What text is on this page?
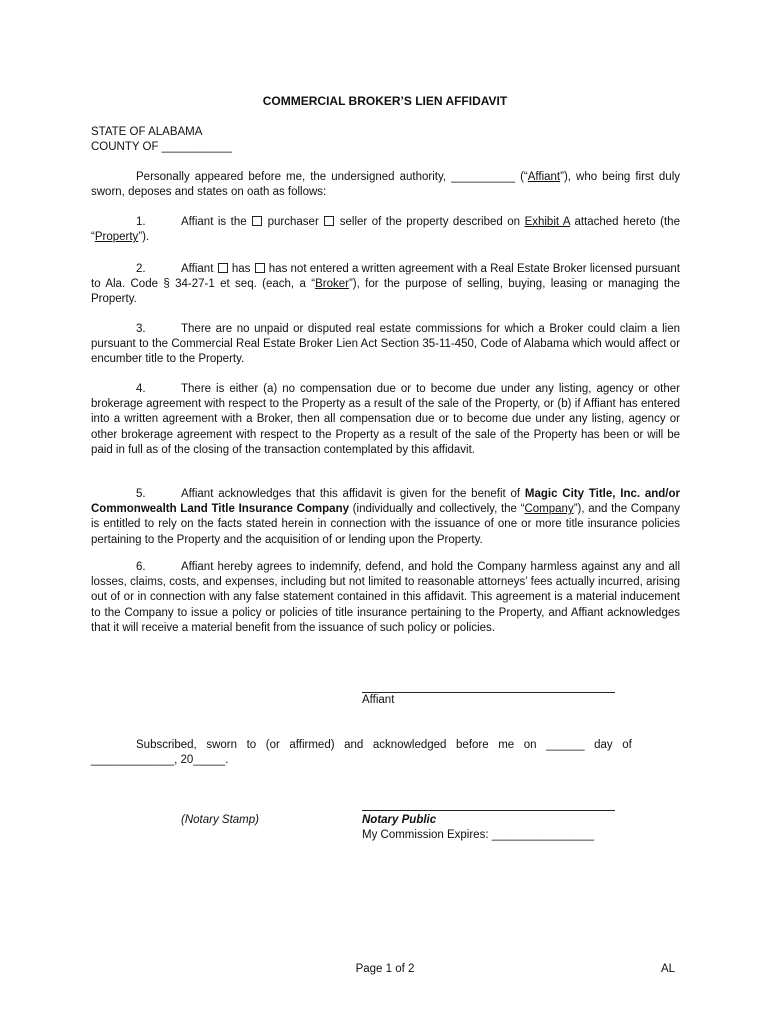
COMMERCIAL BROKER’S LIEN AFFIDAVIT
STATE OF ALABAMA
COUNTY OF ___________
Personally appeared before me, the undersigned authority, __________ (“Affiant”), who being first duly sworn, deposes and states on oath as follows:
1.	Affiant is the  purchaser  seller of the property described on Exhibit A attached hereto (the “Property”).
2.	Affiant  has  has not entered a written agreement with a Real Estate Broker licensed pursuant to Ala. Code § 34-27-1 et seq. (each, a “Broker”), for the purpose of selling, buying, leasing or managing the Property.
3.	There are no unpaid or disputed real estate commissions for which a Broker could claim a lien pursuant to the Commercial Real Estate Broker Lien Act Section 35-11-450, Code of Alabama which would affect or encumber title to the Property.
4.	There is either (a) no compensation due or to become due under any listing, agency or other brokerage agreement with respect to the Property as a result of the sale of the Property, or (b) if Affiant has entered into a written agreement with a Broker, then all compensation due or to become due under any listing, agency or other brokerage agreement with respect to the Property as a result of the sale of the Property has been or will be paid in full as of the closing of the transaction contemplated by this affidavit.
5.	Affiant acknowledges that this affidavit is given for the benefit of Magic City Title, Inc. and/or Commonwealth Land Title Insurance Company (individually and collectively, the “Company”), and the Company is entitled to rely on the facts stated herein in connection with the issuance of one or more title insurance policies pertaining to the Property and the acquisition of or lending upon the Property.
6.	Affiant hereby agrees to indemnify, defend, and hold the Company harmless against any and all losses, claims, costs, and expenses, including but not limited to reasonable attorneys’ fees actually incurred, arising out of or in connection with any false statement contained in this affidavit. This agreement is a material inducement to the Company to issue a policy or policies of title insurance pertaining to the Property, and Affiant acknowledges that it will receive a material benefit from the issuance of such policy or policies.
Affiant
Subscribed,   sworn   to   (or   affirmed)   and   acknowledged   before   me   on   ______   day   of
_____________, 20_____.
(Notary Stamp)	Notary Public
My Commission Expires: ________________
Page 1 of 2	AL
